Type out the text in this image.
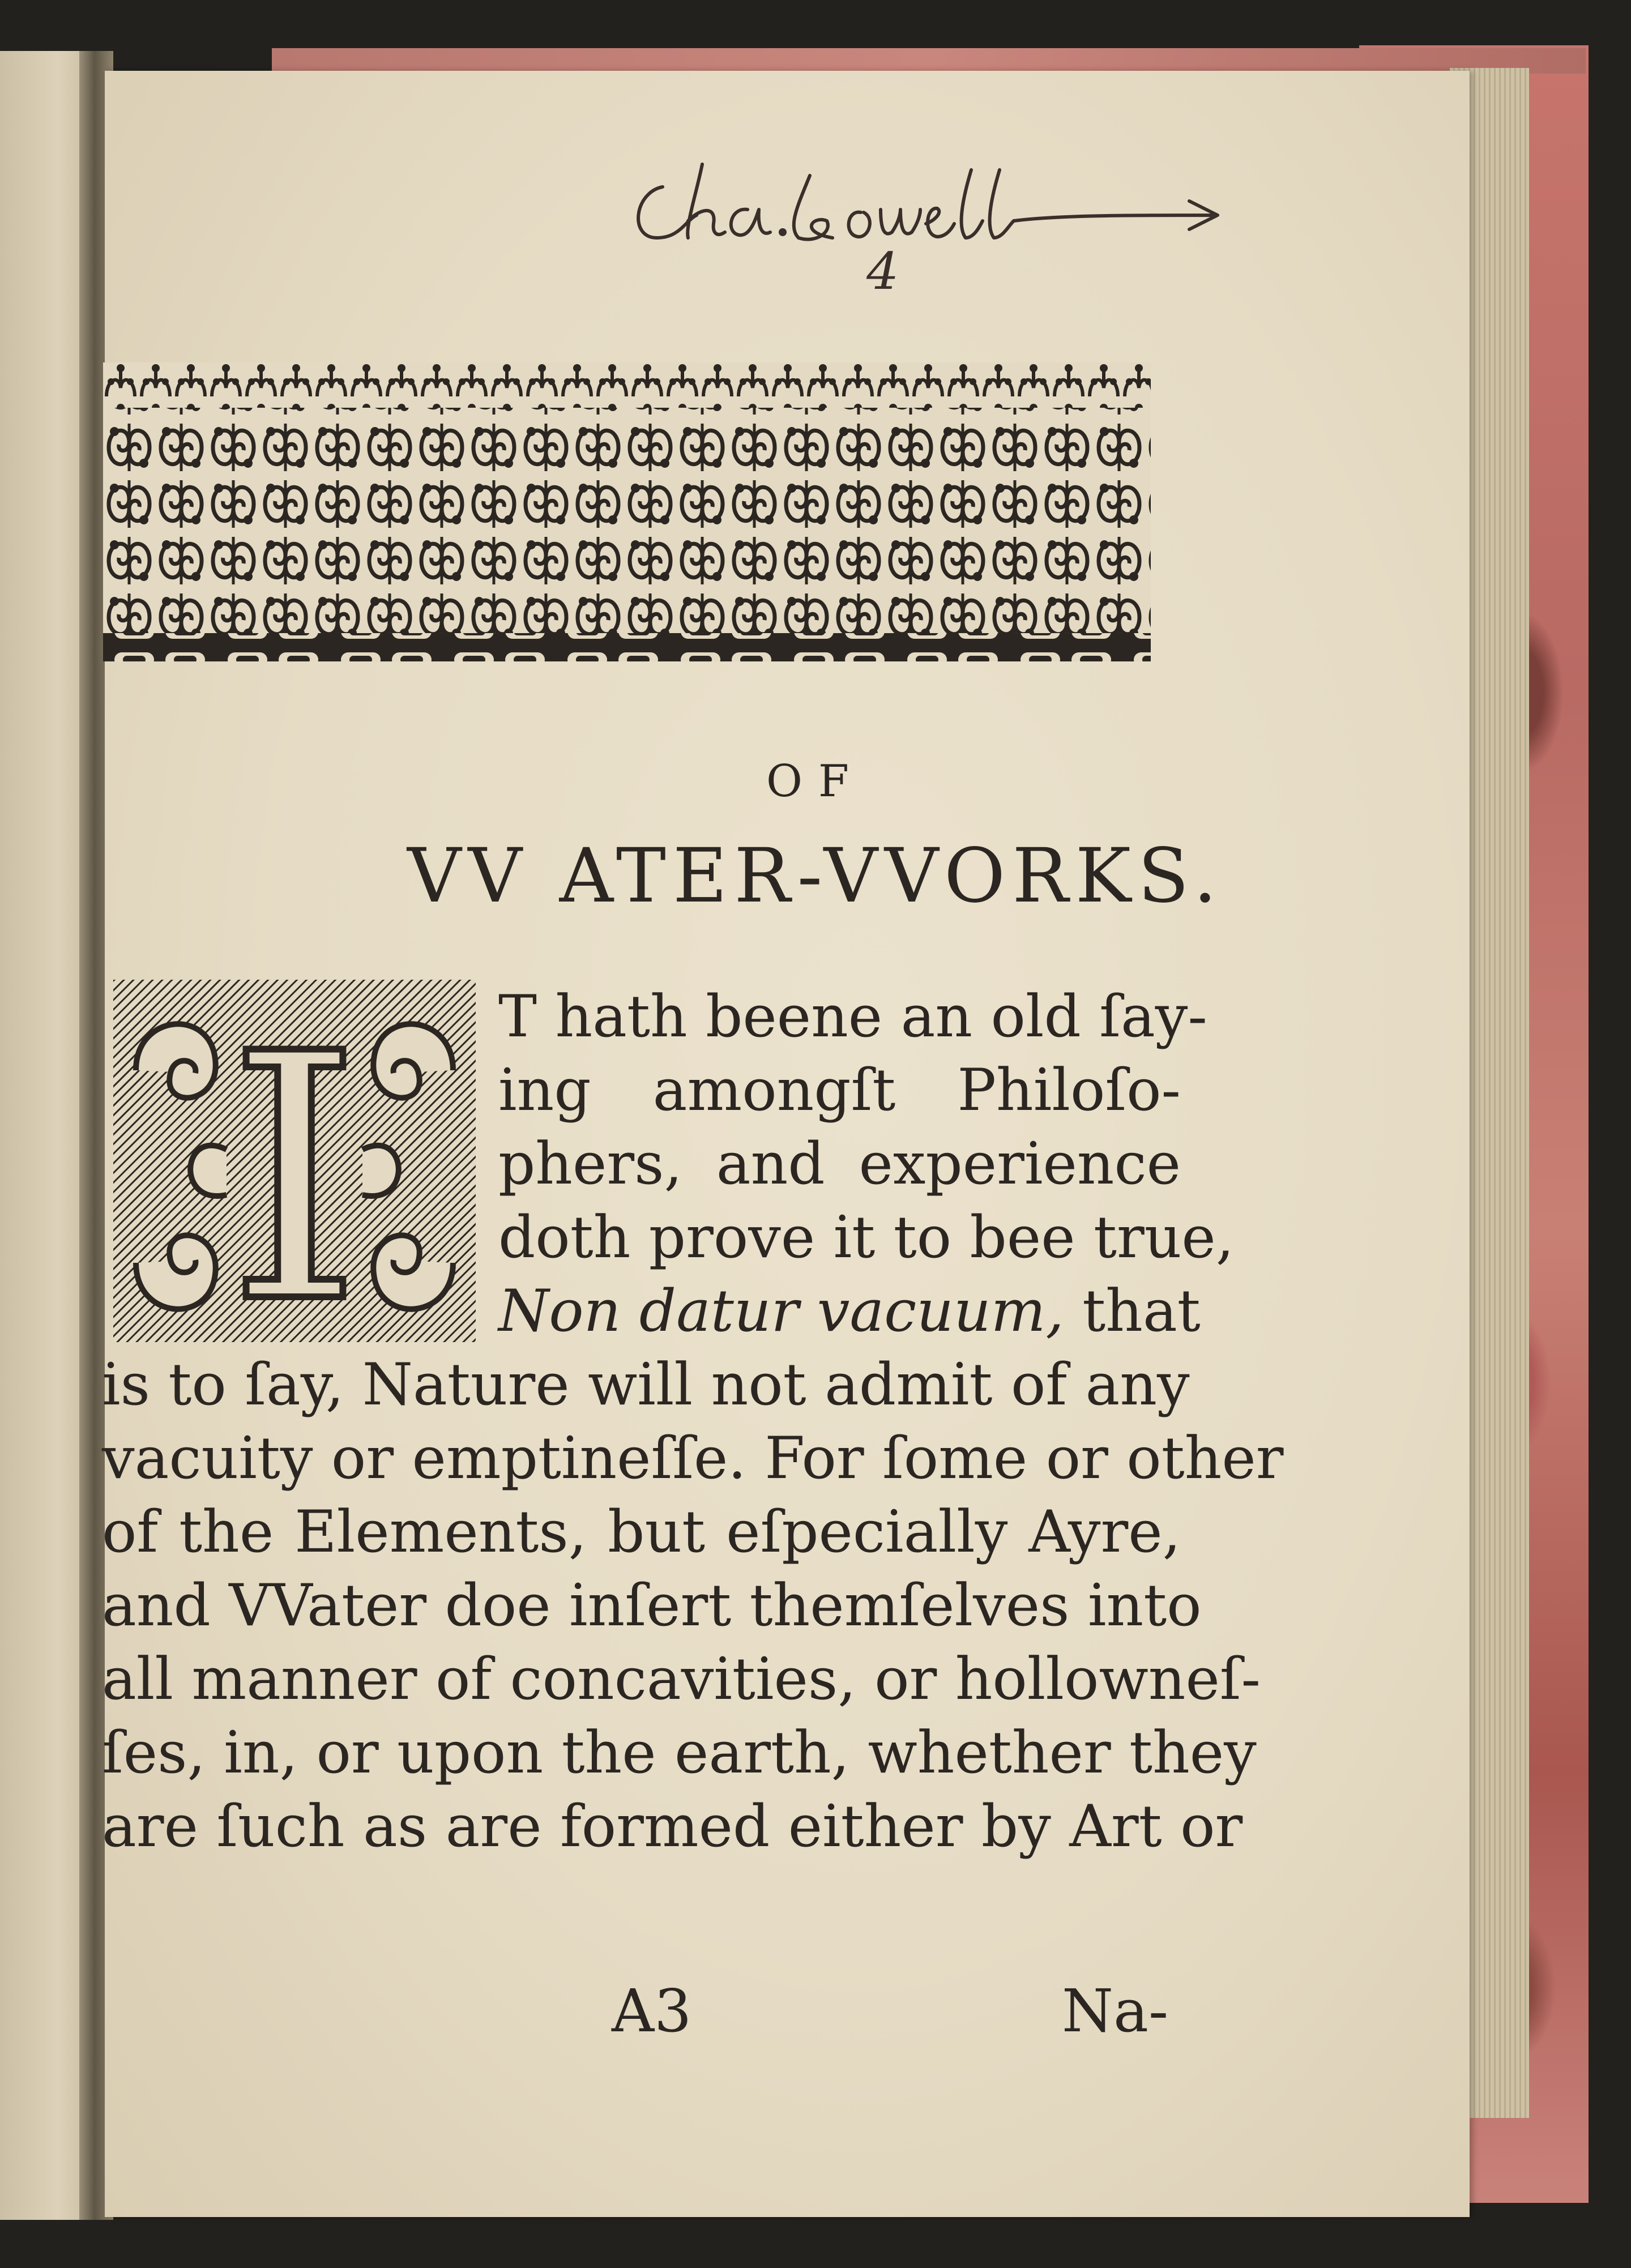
4
OF
VV ATER-VVORKS.
I T hath beene an old ſay-
ing amongſt Philoſo-
phers, and experience
doth prove it to bee true,
Non datur vacuum, that
is to ſay, Nature will not admit of any
vacuity or emptineſſe. For ſome or other
of the Elements, but eſpecially Ayre,
and VVater doe inſert themſelves into
all manner of concavities, or hollowneſ-
ſes, in, or upon the earth, whether they
are ſuch as are formed either by Art or
A3	Na-
